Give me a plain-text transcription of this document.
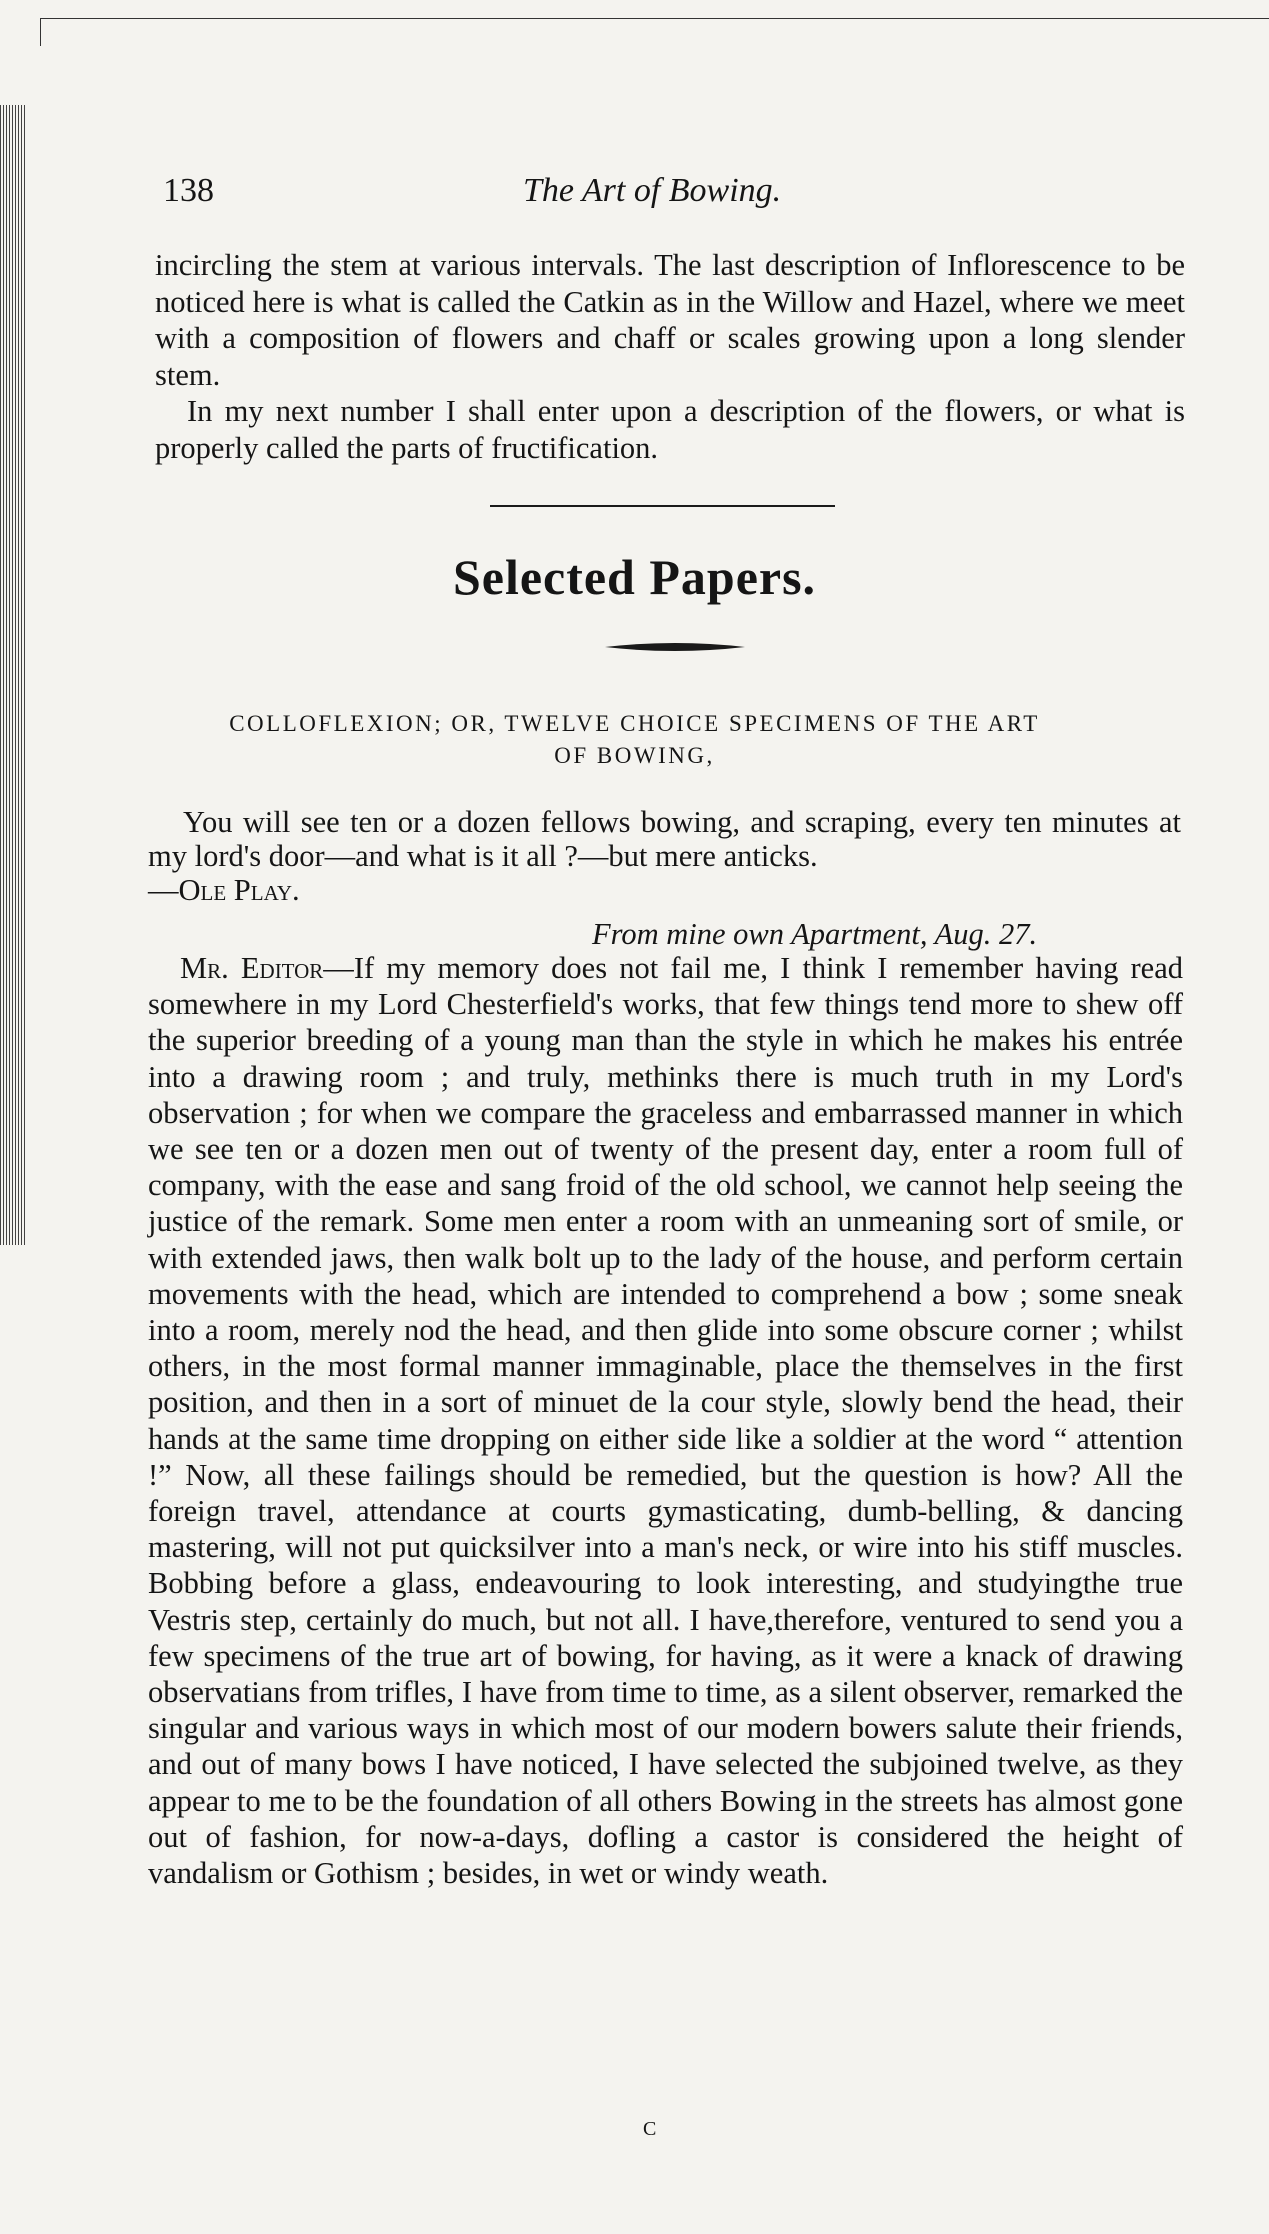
138	The Art of Bowing.

incircling the stem at various intervals. The last description of Inflorescence to be noticed here is what is called the Catkin as in the Willow and Hazel, where we meet with a composition of flowers and chaff or scales growing upon a long slender stem.

In my next number I shall enter upon a description of the flowers, or what is properly called the parts of fructification.

Selected Papers.
COLLOFLEXION; OR, TWELVE CHOICE SPECIMENS OF THE ART
OF BOWING,

You will see ten or a dozen fellows bowing, and scraping, every ten minutes at my lord's door—and what is it all ?—but mere anticks.

—Ole Play.

From mine own Apartment, Aug. 27.

Mr. Editor—If my memory does not fail me, I think I remember having read somewhere in my Lord Chesterfield's works, that few things tend more to shew off the superior breeding of a young man than the style in which he makes his entrée into a drawing room ; and truly, methinks there is much truth in my Lord's observation ; for when we compare the graceless and embarrassed manner in which we see ten or a dozen men out of twenty of the present day, enter a room full of company, with the ease and sang froid of the old school, we cannot help seeing the justice of the remark. Some men enter a room with an unmeaning sort of smile, or with extended jaws, then walk bolt up to the lady of the house, and perform certain movements with the head, which are intended to comprehend a bow ; some sneak into a room, merely nod the head, and then glide into some obscure corner ; whilst others, in the most formal manner immaginable, place the themselves in the first position, and then in a sort of minuet de la cour style, slowly bend the head, their hands at the same time dropping on either side like a soldier at the word “ attention !” Now, all these failings should be remedied, but the question is how? All the foreign travel, attendance at courts gymasticating, dumb-belling, & dancing mastering, will not put quicksilver into a man's neck, or wire into his stiff muscles. Bobbing before a glass, endeavouring to look interesting, and studyingthe true Vestris step, certainly do much, but not all. I have,therefore, ventured to send you a few specimens of the true art of bowing, for having, as it were a knack of drawing observatians from trifles, I have from time to time, as a silent observer, remarked the singular and various ways in which most of our modern bowers salute their friends, and out of many bows I have noticed, I have selected the subjoined twelve, as they appear to me to be the foundation of all others Bowing in the streets has almost gone out of fashion, for now-a-days, dofling a castor is considered the height of vandalism or Gothism ; besides, in wet or windy weath.

C
